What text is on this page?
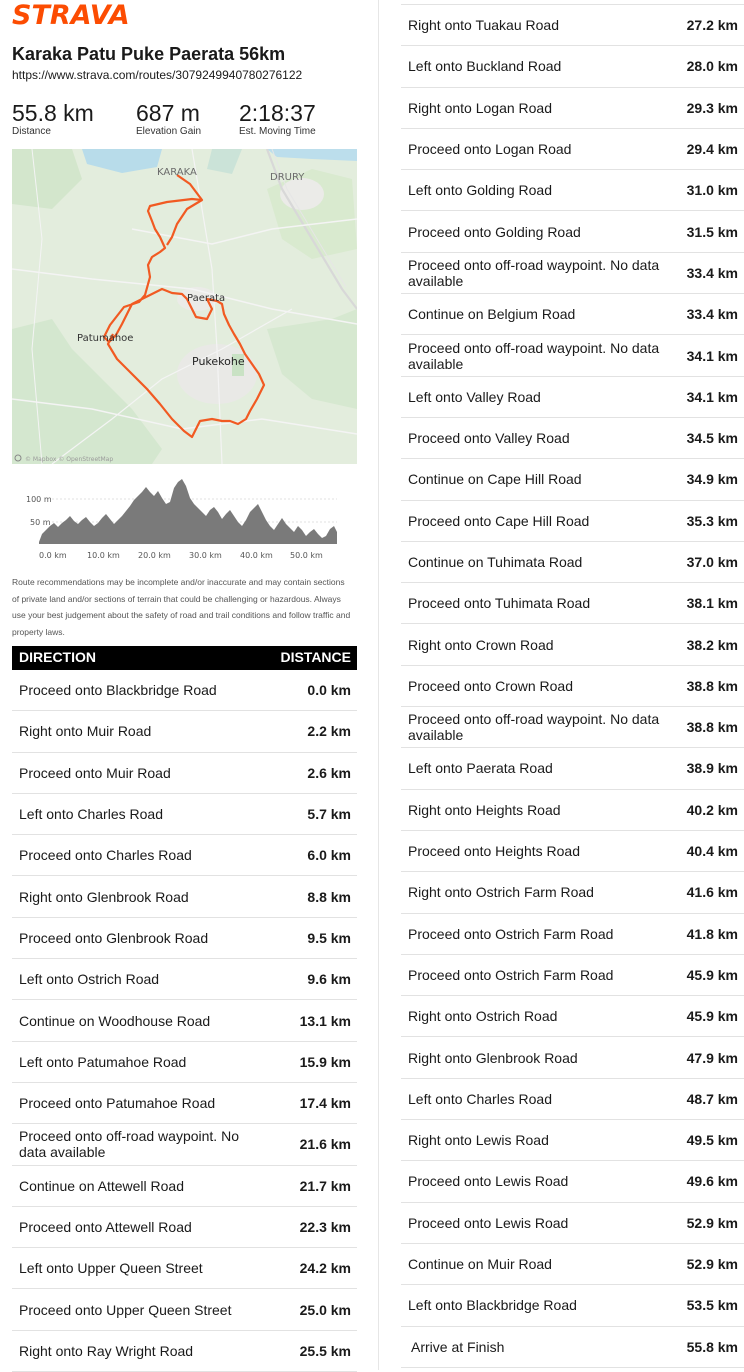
STRAVA
Karaka Patu Puke Paerata 56km
https://www.strava.com/routes/3079249940780276122
55.8 km
Distance
687 m
Elevation Gain
2:18:37
Est. Moving Time
KARAKA	DRURY
Paerata
Patumahoe
Pukekohe
© Mapbox © OpenStreetMap
100 m
50 m
0.0 km	10.0 km 20.0 km 30.0 km 40.0 km 50.0 km
Route recommendations may be incomplete and/or inaccurate and may contain sections of private land and/or sections of terrain that could be challenging or hazardous. Always use your best judgement about the safety of road and trail conditions and follow traffic and property laws.
DIRECTION	DISTANCE
Proceed onto Blackbridge Road	0.0 km
Right onto Muir Road	2.2 km
Proceed onto Muir Road	2.6 km
Left onto Charles Road	5.7 km
Proceed onto Charles Road	6.0 km
Right onto Glenbrook Road	8.8 km
Proceed onto Glenbrook Road	9.5 km
Left onto Ostrich Road	9.6 km
Continue on Woodhouse Road	13.1 km
Left onto Patumahoe Road	15.9 km
Proceed onto Patumahoe Road	17.4 km
Proceed onto off-road waypoint. No data available	21.6 km
Continue on Attewell Road	21.7 km
Proceed onto Attewell Road	22.3 km
Left onto Upper Queen Street	24.2 km
Proceed onto Upper Queen Street	25.0 km
Right onto Ray Wright Road	25.5 km
Right onto Tuakau Road	27.2 km
Left onto Buckland Road	28.0 km
Right onto Logan Road	29.3 km
Proceed onto Logan Road	29.4 km
Left onto Golding Road	31.0 km
Proceed onto Golding Road	31.5 km
Proceed onto off-road waypoint. No data available	33.4 km
Continue on Belgium Road	33.4 km
Proceed onto off-road waypoint. No data available	34.1 km
Left onto Valley Road	34.1 km
Proceed onto Valley Road	34.5 km
Continue on Cape Hill Road	34.9 km
Proceed onto Cape Hill Road	35.3 km
Continue on Tuhimata Road	37.0 km
Proceed onto Tuhimata Road	38.1 km
Right onto Crown Road	38.2 km
Proceed onto Crown Road	38.8 km
Proceed onto off-road waypoint. No data available	38.8 km
Left onto Paerata Road	38.9 km
Right onto Heights Road	40.2 km
Proceed onto Heights Road	40.4 km
Right onto Ostrich Farm Road	41.6 km
Proceed onto Ostrich Farm Road	41.8 km
Proceed onto Ostrich Farm Road	45.9 km
Right onto Ostrich Road	45.9 km
Right onto Glenbrook Road	47.9 km
Left onto Charles Road	48.7 km
Right onto Lewis Road	49.5 km
Proceed onto Lewis Road	49.6 km
Proceed onto Lewis Road	52.9 km
Continue on Muir Road	52.9 km
Left onto Blackbridge Road	53.5 km
Arrive at Finish	55.8 km
